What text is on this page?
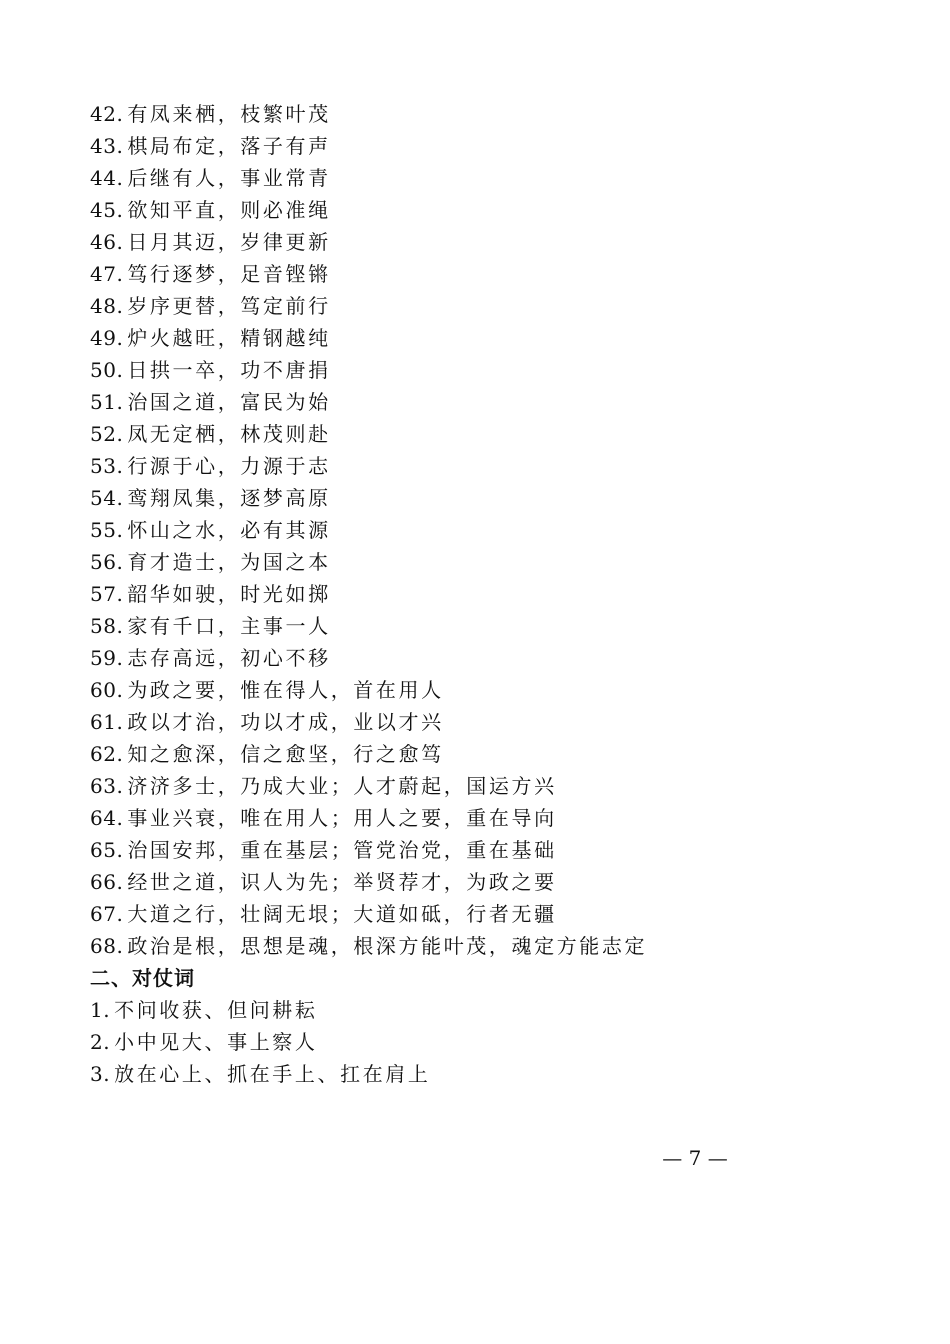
42. 有凤来栖，枝繁叶茂
43. 棋局布定，落子有声
44. 后继有人，事业常青
45. 欲知平直，则必准绳
46. 日月其迈，岁律更新
47. 笃行逐梦，足音铿锵
48. 岁序更替，笃定前行
49. 炉火越旺，精钢越纯
50. 日拱一卒，功不唐捐
51. 治国之道，富民为始
52. 凤无定栖，林茂则赴
53. 行源于心，力源于志
54. 鸾翔凤集，逐梦高原
55. 怀山之水，必有其源
56. 育才造士，为国之本
57. 韶华如驶，时光如掷
58. 家有千口，主事一人
59. 志存高远，初心不移
60. 为政之要，惟在得人，首在用人
61. 政以才治，功以才成，业以才兴
62. 知之愈深，信之愈坚，行之愈笃
63. 济济多士，乃成大业；人才蔚起，国运方兴
64. 事业兴衰，唯在用人；用人之要，重在导向
65. 治国安邦，重在基层；管党治党，重在基础
66. 经世之道，识人为先；举贤荐才，为政之要
67. 大道之行，壮阔无垠；大道如砥，行者无疆
68. 政治是根，思想是魂，根深方能叶茂，魂定方能志定
二、对仗词
1. 不问收获、但问耕耘
2. 小中见大、事上察人
3. 放在心上、抓在手上、扛在肩上
— 7 —
